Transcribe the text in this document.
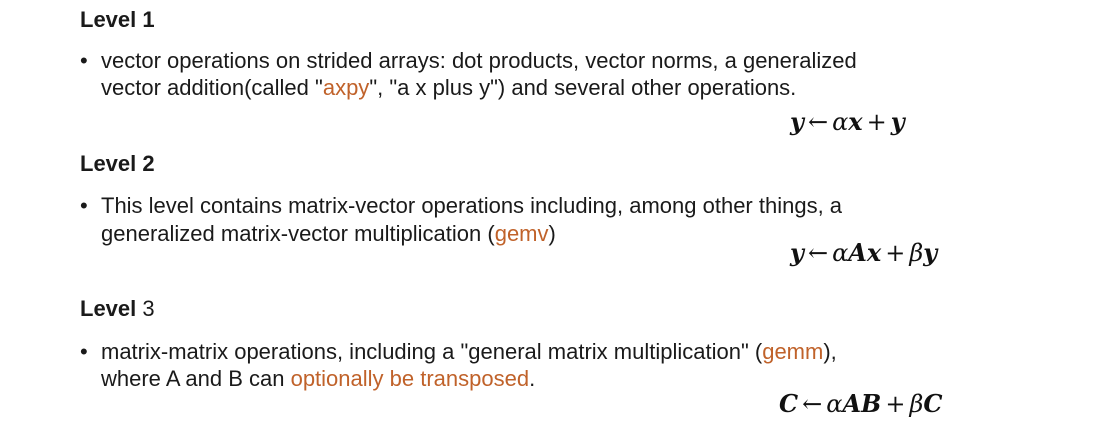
Level 1
• vector operations on strided arrays: dot products, vector norms, a generalized
vector addition(called "axpy", "a x plus y") and several other operations.
y ← αx + y
Level 2
• This level contains matrix-vector operations including, among other things, a
generalized matrix-vector multiplication (gemv)
y ← αAx + βy
Level 3
• matrix-matrix operations, including a "general matrix multiplication" (gemm),
where A and B can optionally be transposed.
C ← αAB + βC
